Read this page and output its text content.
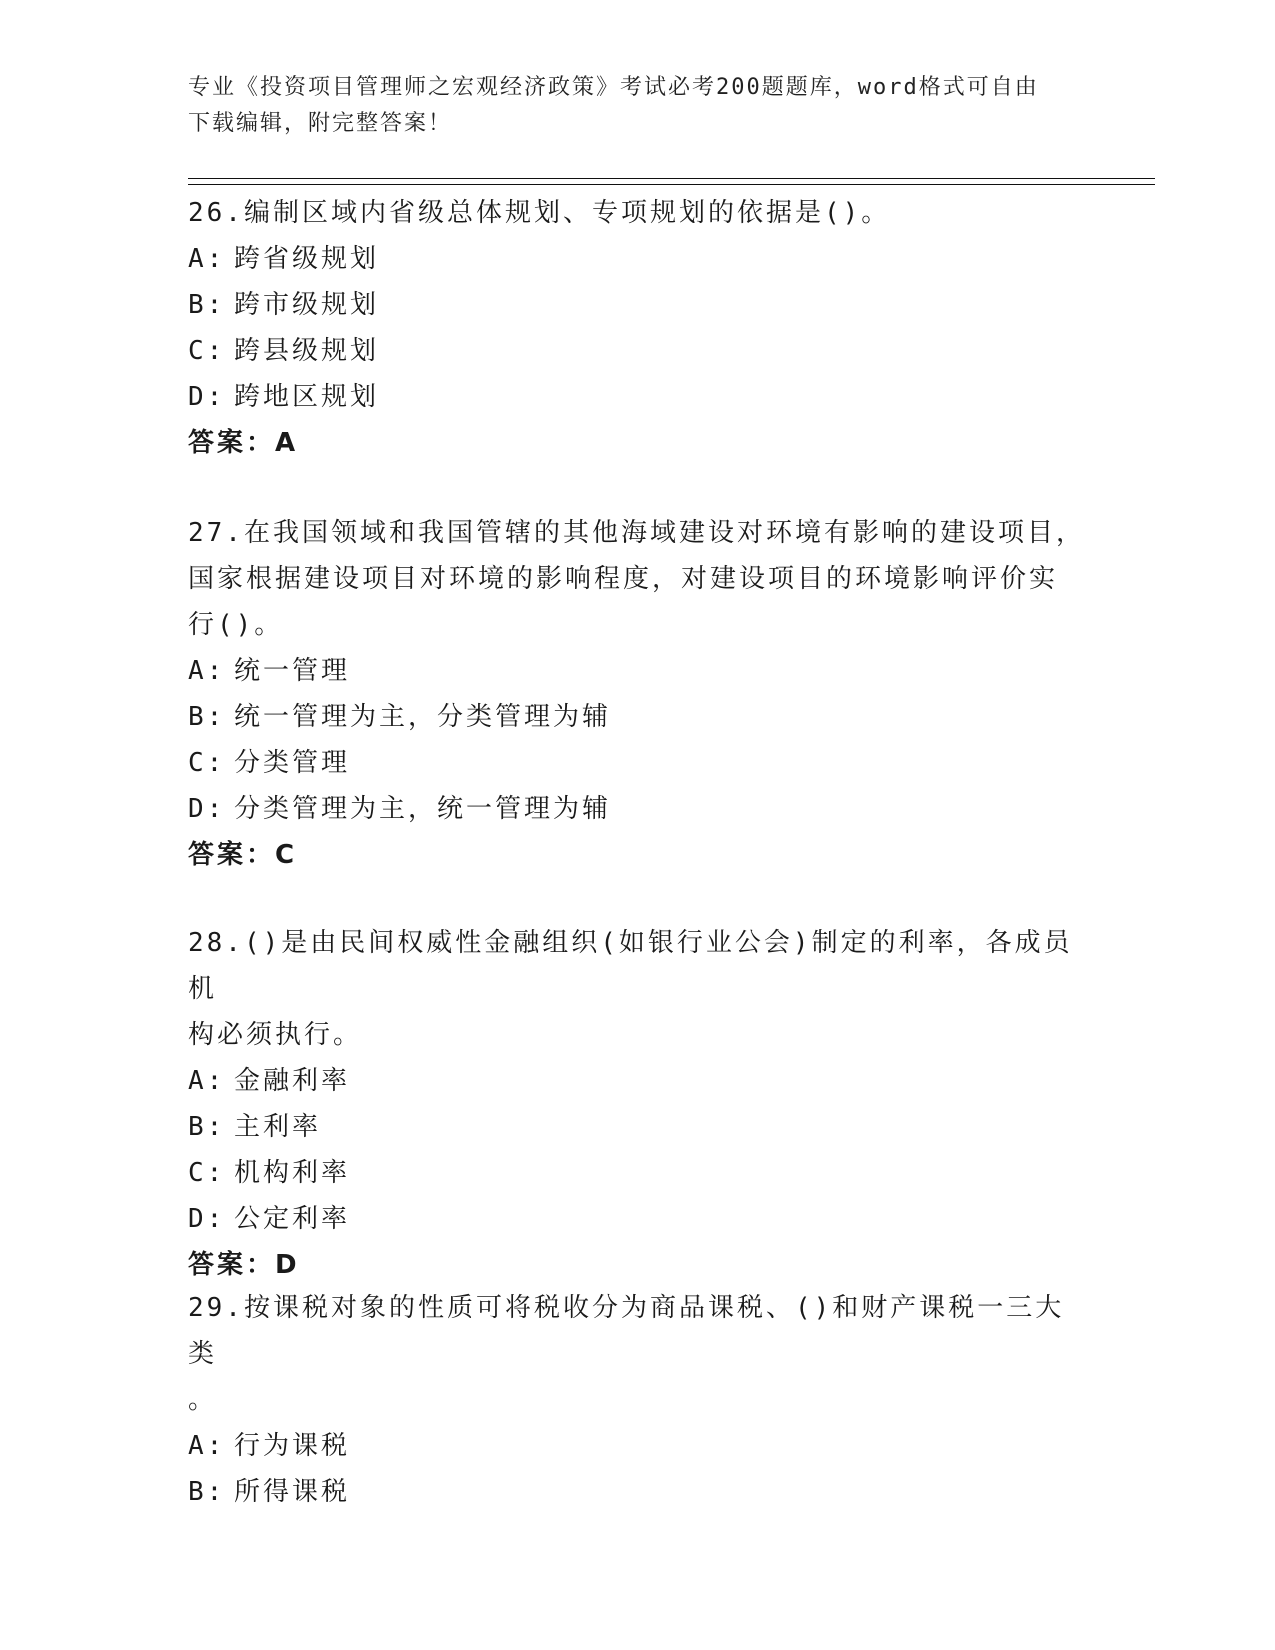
专业《投资项目管理师之宏观经济政策》考试必考200题题库，word格式可自由
下载编辑，附完整答案！

26.编制区域内省级总体规划、专项规划的依据是()。

A: 跨省级规划

B: 跨市级规划

C: 跨县级规划

D: 跨地区规划

答案：A

27.在我国领域和我国管辖的其他海域建设对环境有影响的建设项目，

国家根据建设项目对环境的影响程度，对建设项目的环境影响评价实

行()。

A: 统一管理

B: 统一管理为主，分类管理为辅

C: 分类管理

D: 分类管理为主，统一管理为辅

答案：C

28.()是由民间权威性金融组织(如银行业公会)制定的利率，各成员机

构必须执行。

A: 金融利率

B: 主利率

C: 机构利率

D: 公定利率

答案：D

29.按课税对象的性质可将税收分为商品课税、()和财产课税一三大类

。

A: 行为课税

B: 所得课税
